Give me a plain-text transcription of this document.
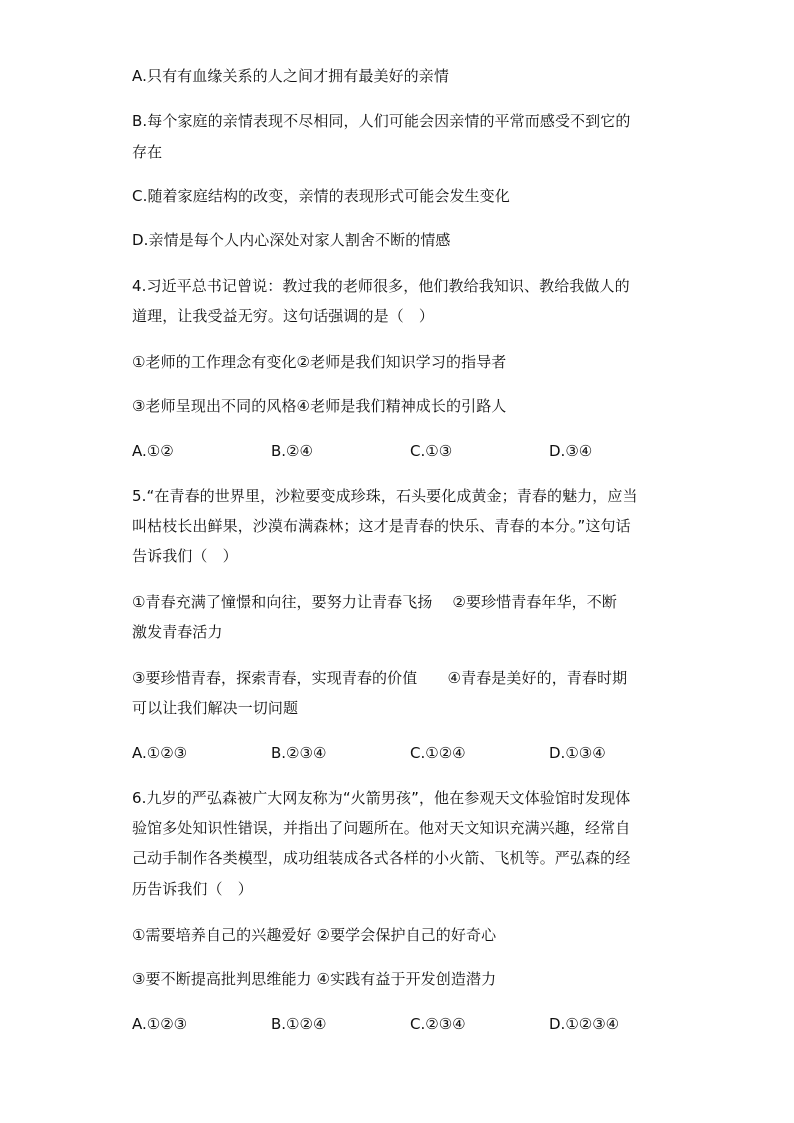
A.只有有血缘关系的人之间才拥有最美好的亲情
B.每个家庭的亲情表现不尽相同，人们可能会因亲情的平常而感受不到它的
存在
C.随着家庭结构的改变，亲情的表现形式可能会发生变化
D.亲情是每个人内心深处对家人割舍不断的情感
4.习近平总书记曾说：教过我的老师很多，他们教给我知识、教给我做人的
道理，让我受益无穷。这句话强调的是（　）
①老师的工作理念有变化②老师是我们知识学习的指导者
③老师呈现出不同的风格④老师是我们精神成长的引路人
A.①②	B.②④	C.①③	D.③④
5.“在青春的世界里，沙粒要变成珍珠，石头要化成黄金；青春的魅力，应当
叫枯枝长出鲜果，沙漠布满森林；这才是青春的快乐、青春的本分。”这句话
告诉我们（　）
①青春充满了憧憬和向往，要努力让青春飞扬　 ②要珍惜青春年华，不断
激发青春活力
③要珍惜青春，探索青春，实现青春的价值　　④青春是美好的，青春时期
可以让我们解决一切问题
A.①②③	B.②③④	C.①②④	D.①③④
6.九岁的严弘森被广大网友称为“火箭男孩”，他在参观天文体验馆时发现体
验馆多处知识性错误，并指出了问题所在。他对天文知识充满兴趣，经常自
己动手制作各类模型，成功组装成各式各样的小火箭、飞机等。严弘森的经
历告诉我们（　）
①需要培养自己的兴趣爱好 ②要学会保护自己的好奇心
③要不断提高批判思维能力 ④实践有益于开发创造潜力
A.①②③	B.①②④	C.②③④	D.①②③④
